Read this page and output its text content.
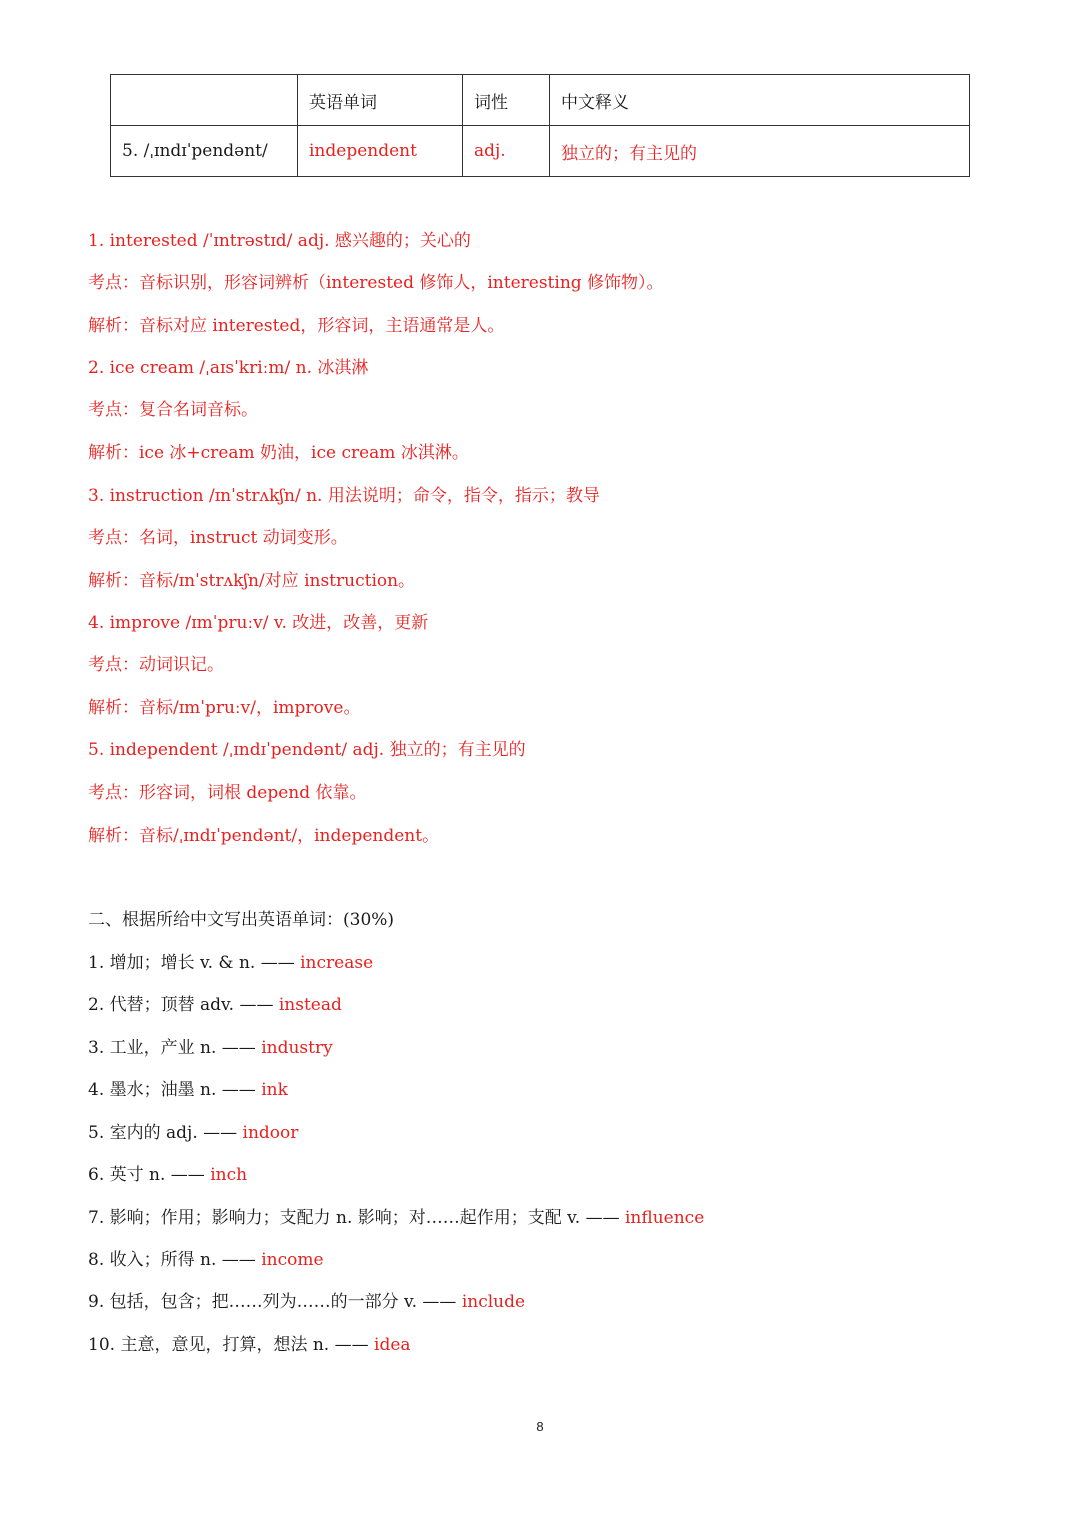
	英语单词	词性	中文释义
5. /ˌɪndɪˈpendənt/	independent	adj.	独立的；有主见的
1. interested /ˈɪntrəstɪd/ adj. 感兴趣的；关心的
考点：音标识别，形容词辨析（interested 修饰人，interesting 修饰物）。
解析：音标对应 interested，形容词，主语通常是人。
2. ice cream /ˌaɪsˈkriːm/ n. 冰淇淋
考点：复合名词音标。
解析：ice 冰+cream 奶油，ice cream 冰淇淋。
3. instruction /ɪnˈstrʌkʃn/ n. 用法说明；命令，指令，指示；教导
考点：名词，instruct 动词变形。
解析：音标/ɪnˈstrʌkʃn/对应 instruction。
4. improve /ɪmˈpruːv/ v. 改进，改善，更新
考点：动词识记。
解析：音标/ɪmˈpruːv/，improve。
5. independent /ˌɪndɪˈpendənt/ adj. 独立的；有主见的
考点：形容词，词根 depend 依靠。
解析：音标/ˌɪndɪˈpendənt/，independent。
二、根据所给中文写出英语单词：(30%)
1. 增加；增长 v. & n. —— increase
2. 代替；顶替 adv. —— instead
3. 工业，产业 n. —— industry
4. 墨水；油墨 n. —— ink
5. 室内的 adj. —— indoor
6. 英寸 n. —— inch
7. 影响；作用；影响力；支配力 n. 影响；对……起作用；支配 v. —— influence
8. 收入；所得 n. —— income
9. 包括，包含；把……列为……的一部分 v. —— include
10. 主意，意见，打算，想法 n. —— idea
8
